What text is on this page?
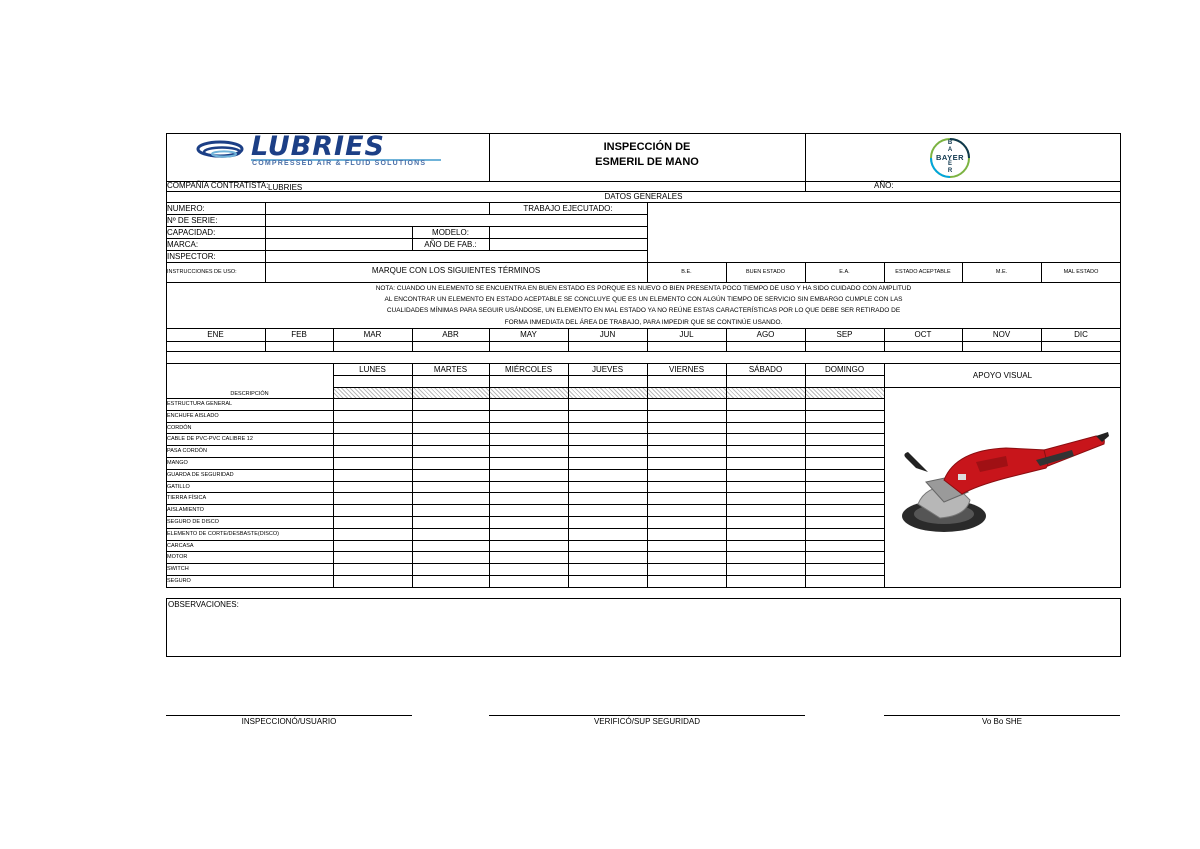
LUBRIES
COMPRESSED AIR & FLUID SOLUTIONS
INSPECCIÓN DE
ESMERIL DE MANO	BAYER
B
A

E
R
COMPAÑÍA CONTRATISTA: LUBRIES	AÑO:
DATOS GENERALES
NUMERO:	TRABAJO EJECUTADO:
Nº DE SERIE:
CAPACIDAD:	MODELO:
MARCA:	AÑO DE FAB.:
INSPECTOR:
INSTRUCCIONES DE USO:	MARQUE CON LOS SIGUIENTES TÉRMINOS	B.E.	BUEN ESTADO	E.A.	ESTADO ACEPTABLE	M.E.	MAL ESTADO
NOTA: CUANDO UN ELEMENTO SE ENCUENTRA EN BUEN ESTADO ES PORQUE ES NUEVO O BIEN PRESENTA POCO TIEMPO DE USO Y HA SIDO CUIDADO CON AMPLITUD
AL ENCONTRAR UN ELEMENTO EN ESTADO ACEPTABLE SE CONCLUYE QUE ES UN ELEMENTO CON ALGÚN TIEMPO DE SERVICIO SIN EMBARGO CUMPLE CON LAS
CUALIDADES MÍNIMAS PARA SEGUIR USÁNDOSE, UN ELEMENTO EN MAL ESTADO YA NO REÚNE ESTAS CARACTERÍSTICAS POR LO QUE DEBE SER RETIRADO DE
FORMA INMEDIATA DEL ÁREA DE TRABAJO, PARA IMPEDIR QUE SE CONTINÚE USANDO.
ENE	FEB	MAR	ABR	MAY	JUN	JUL	AGO	SEP	OCT	NOV	DIC
ESTRUCTURA GENERAL
ENCHUFE AISLADO
CORDÓN
CABLE DE PVC-PVC CALIBRE 12
PASA CORDÓN
MANGO
GUARDA DE SEGURIDAD
GATILLO
TIERRA FÍSICA
AISLAMIENTO
SEGURO DE DISCO
ELEMENTO DE CORTE/DESBASTE(DISCO)
CARCASA
MOTOR
SWITCH
SEGURO
LUNES	MARTES	MIÉRCOLES	JUEVES	VIERNES	SÁBADO	DOMINGO
APOYO VISUAL
DESCRIPCIÓN
OBSERVACIONES:
INSPECCIONÓ/USUARIO	VERIFICÓ/SUP SEGURIDAD	Vo Bo SHE
